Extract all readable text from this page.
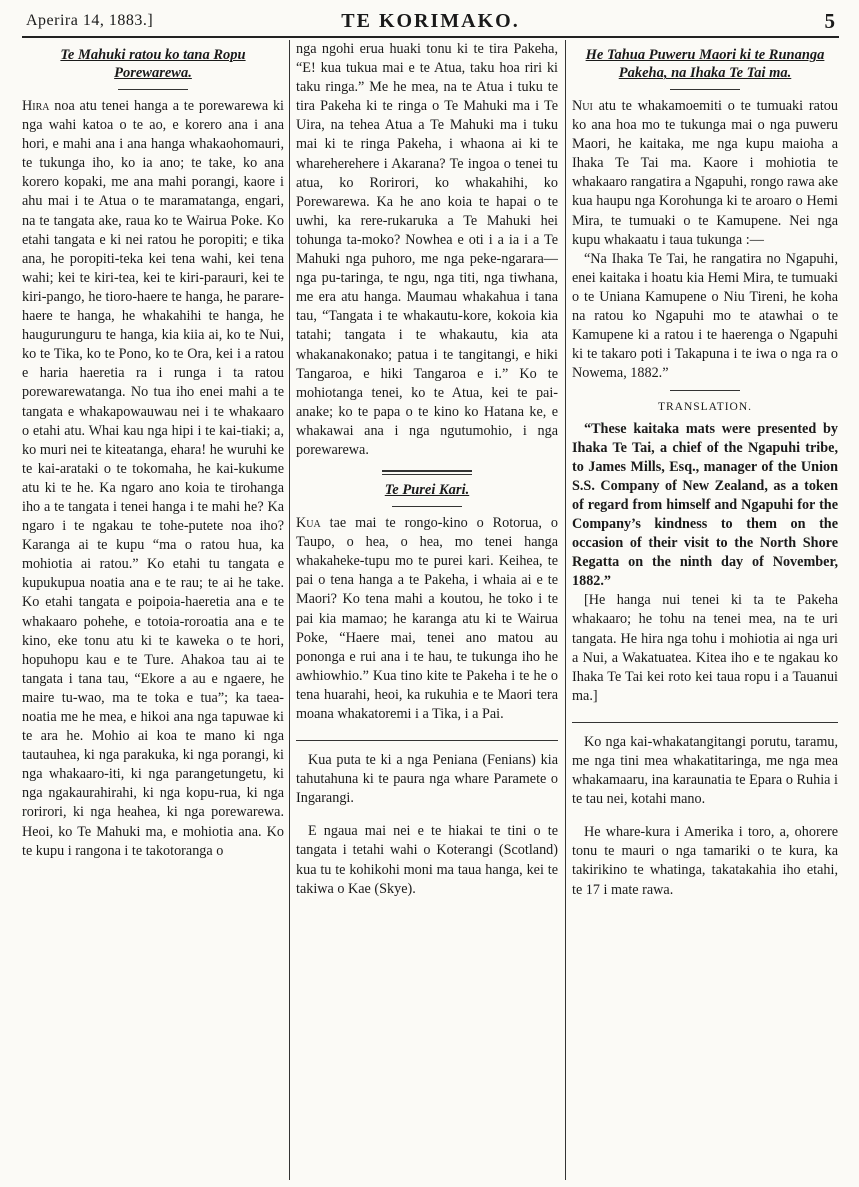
Aperira 14, 1883.]	TE KORIMAKO.	5
Te Mahuki ratou ko tana Ropu Porewarewa.

Hira noa atu tenei hanga a te porewarewa ki nga wahi katoa o te ao, e korero ana i ana hori, e mahi ana i ana hanga whakaohomauri, te tukunga iho, ko ia ano; te take, ko ana korero kopaki, me ana mahi porangi, kaore i ahu mai i te Atua o te maramatanga, engari, na te tangata ake, raua ko te Wairua Poke. Ko etahi tangata e ki nei ratou he poropiti; e tika ana, he poropiti-teka kei tena wahi, kei tena wahi; kei te kiri-tea, kei te kiri-parauri, kei te kiri-pango, he tioro-haere te hanga, he parare-haere te hanga, he whakahihi te hanga, he haugurunguru te hanga, kia kiia ai, ko te Nui, ko te Tika, ko te Pono, ko te Ora, kei i a ratou e haria haeretia ra i runga i ta ratou porewarewatanga. No tua iho enei mahi a te tangata e whakapowauwau nei i te whakaaro o etahi atu. Whai kau nga hipi i te kai-tiaki; a, ko muri nei te kiteatanga, ehara! he wuruhi ke te kai-arataki o te tokomaha, he kai-kukume atu ki te he. Ka ngaro ano koia te tirohanga iho a te tangata i tenei hanga i te mahi he? Ka ngaro i te ngakau te tohe-putete noa iho? Karanga ai te kupu “ma o ratou hua, ka mohiotia ai ratou.” Ko etahi tu tangata e kupukupua noatia ana e te rau; te ai he take. Ko etahi tangata e poipoia-haeretia ana e te whakaaro pohehe, e totoia-roroatia ana e te kino, eke tonu atu ki te kaweka o te hori, hopuhopu kau e te Ture. Ahakoa tau ai te tangata i tana tau, “Ekore a au e ngaere, he maire tu-wao, ma te toka e tua”; ka taea-noatia me he mea, e hikoi ana nga tapuwae ki te ara he. Mohio ai koa te mano ki nga tautauhea, ki nga parakuka, ki nga porangi, ki nga whakaaro-iti, ki nga parangetungetu, ki nga ngakaurahirahi, ki nga kopu-rua, ki nga rorirori, ki nga heahea, ki nga porewarewa. Heoi, ko Te Mahuki ma, e mohiotia ana. Ko te kupu i rangona i te takotoranga o

nga ngohi erua huaki tonu ki te tira Pakeha, “E! kua tukua mai e te Atua, taku hoa riri ki taku ringa.” Me he mea, na te Atua i tuku te tira Pakeha ki te ringa o Te Mahuki ma i Te Uira, na tehea Atua a Te Mahuki ma i tuku mai ki te ringa Pakeha, i whaona ai ki te whareherehere i Akarana? Te ingoa o tenei tu atua, ko Rorirori, ko whakahihi, ko Porewarewa. Ka he ano koia te hapai o te uwhi, ka rere-rukaruka a Te Mahuki hei tohunga ta-moko? Nowhea e oti i a ia i a Te Mahuki nga puhoro, me nga peke-ngarara—nga pu-taringa, te ngu, nga titi, nga tiwhana, me era atu hanga. Maumau whakahua i tana tau, “Tangata i te whakautu-kore, kokoia kia tatahi; tangata i te whakautu, kia ata whakanakonako; patua i te tangitangi, e hiki Tangaroa, e hiki Tangaroa e i.” Ko te mohiotanga tenei, ko te Atua, kei te pai-anake; ko te papa o te kino ko Hatana ke, e whakawai ana i nga ngutumohio, i nga porewarewa.

Te Purei Kari.

Kua tae mai te rongo-kino o Rotorua, o Taupo, o hea, o hea, mo tenei hanga whakaheke-tupu mo te purei kari. Keihea, te pai o tena hanga a te Pakeha, i whaia ai e te Maori? Ko tena mahi a koutou, he toko i te pai kia mamao; he karanga atu ki te Wairua Poke, “Haere mai, tenei ano matou au pononga e rui ana i te hau, te tukunga iho he awhiowhio.” Kua tino kite te Pakeha i te he o tena huarahi, heoi, ka rukuhia e te Maori tera moana whakatoremi i a Tika, i a Pai.

Kua puta te ki a nga Peniana (Fenians) kia tahutahuna ki te paura nga whare Paramete o Ingarangi.

E ngaua mai nei e te hiakai te tini o te tangata i tetahi wahi o Koterangi (Scotland) kua tu te kohikohi moni ma taua hanga, kei te takiwa o Kae (Skye).

He Tahua Puweru Maori ki te Runanga Pakeha, na Ihaka Te Tai ma.

Nui atu te whakamoemiti o te tumuaki ratou ko ana hoa mo te tukunga mai o nga puweru Maori, he kaitaka, me nga kupu maioha a Ihaka Te Tai ma. Kaore i mohiotia te whakaaro rangatira a Ngapuhi, rongo rawa ake kua haupu nga Korohunga ki te aroaro o Hemi Mira, te tumuaki o te Kamupene. Nei nga kupu whakaatu i taua tukunga :—

“Na Ihaka Te Tai, he rangatira no Ngapuhi, enei kaitaka i hoatu kia Hemi Mira, te tumuaki o te Uniana Kamupene o Niu Tireni, he koha na ratou ko Ngapuhi mo te atawhai o te Kamupene ki a ratou i te haerenga o Ngapuhi ki te takaro poti i Takapuna i te iwa o nga ra o Nowema, 1882.”

TRANSLATION.

“These kaitaka mats were presented by Ihaka Te Tai, a chief of the Ngapuhi tribe, to James Mills, Esq., manager of the Union S.S. Company of New Zealand, as a token of regard from himself and Ngapuhi for the Company’s kindness to them on the occasion of their visit to the North Shore Regatta on the ninth day of November, 1882.”

[He hanga nui tenei ki ta te Pakeha whakaaro; he tohu na tenei mea, na te uri tangata. He hira nga tohu i mohiotia ai nga uri a Nui, a Wakatuatea. Kitea iho e te ngakau ko Ihaka Te Tai kei roto kei taua ropu i a Tauanui ma.]

Ko nga kai-whakatangitangi porutu, taramu, me nga tini mea whakatitaringa, me nga mea whakamaaru, ina karaunatia te Epara o Ruhia i te tau nei, kotahi mano.

He whare-kura i Amerika i toro, a, ohorere tonu te mauri o nga tamariki o te kura, ka takirikino te whatinga, takatakahia iho etahi, te 17 i mate rawa.
